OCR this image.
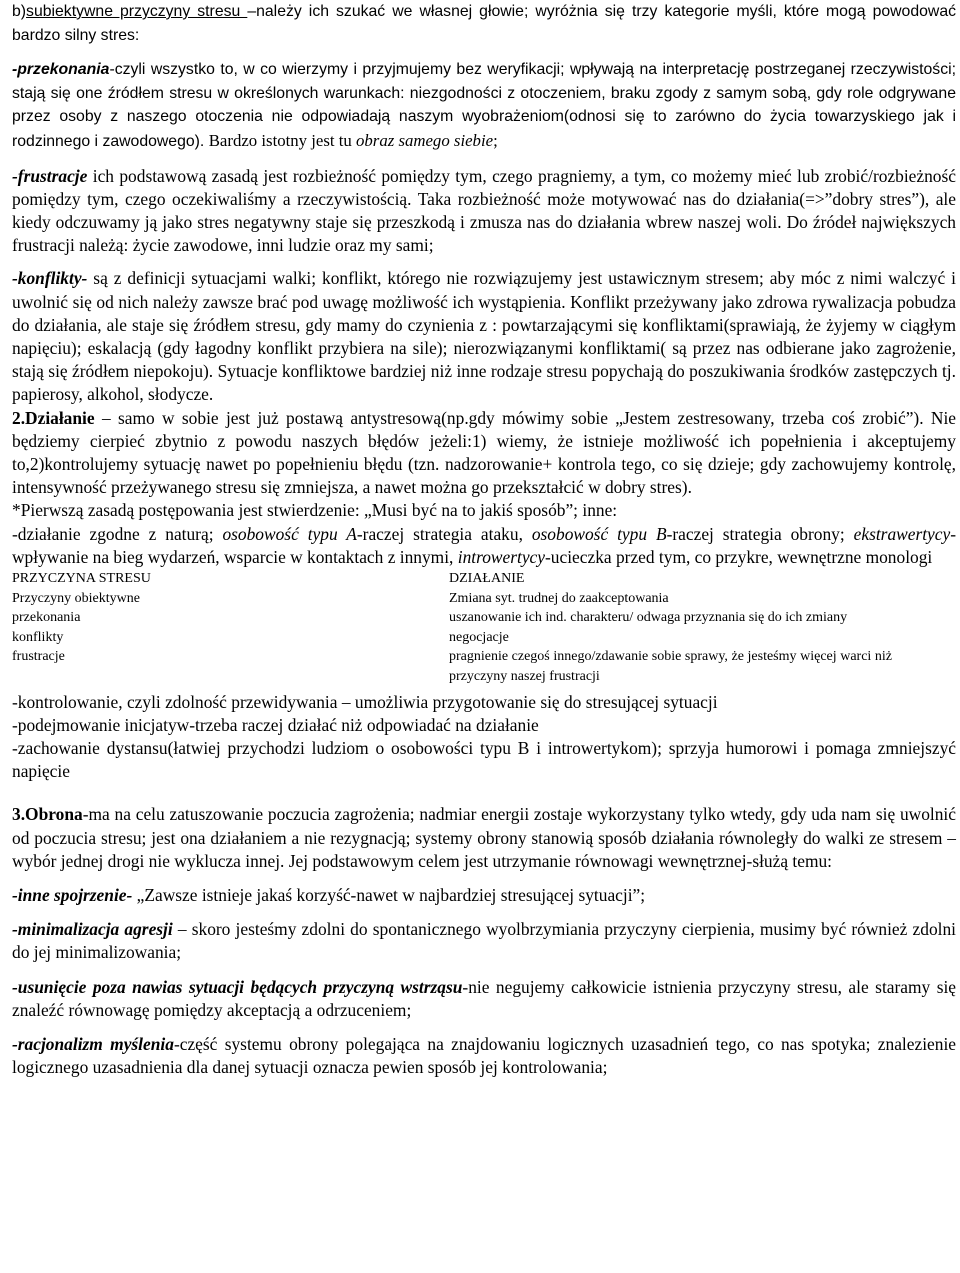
b)subiektywne przyczyny stresu –należy ich szukać we własnej głowie; wyróżnia się trzy kategorie myśli, które mogą powodować bardzo silny stres:

-przekonania-czyli wszystko to, w co wierzymy i przyjmujemy bez weryfikacji; wpływają na interpretację postrzeganej rzeczywistości; stają się one źródłem stresu w określonych warunkach: niezgodności z otoczeniem, braku zgody z samym sobą, gdy role odgrywane przez osoby z naszego otoczenia nie odpowiadają naszym wyobrażeniom(odnosi się to zarówno do życia towarzyskiego jak i rodzinnego i zawodowego). Bardzo istotny jest tu obraz samego siebie;

-frustracje ich podstawową zasadą jest rozbieżność pomiędzy tym, czego pragniemy, a tym, co możemy mieć lub zrobić/rozbieżność pomiędzy tym, czego oczekiwaliśmy a rzeczywistością. Taka rozbieżność może motywować nas do działania(=>”dobry stres”), ale kiedy odczuwamy ją jako stres negatywny staje się przeszkodą i zmusza nas do działania wbrew naszej woli. Do źródeł największych frustracji należą: życie zawodowe, inni ludzie oraz my sami;

-konflikty- są z definicji sytuacjami walki; konflikt, którego nie rozwiązujemy jest ustawicznym stresem; aby móc z nimi walczyć i uwolnić się od nich należy zawsze brać pod uwagę możliwość ich wystąpienia. Konflikt przeżywany jako zdrowa rywalizacja pobudza do działania, ale staje się źródłem stresu, gdy mamy do czynienia z : powtarzającymi się konfliktami(sprawiają, że żyjemy w ciągłym napięciu); eskalacją (gdy łagodny konflikt przybiera na sile); nierozwiązanymi konfliktami( są przez nas odbierane jako zagrożenie, stają się źródłem niepokoju). Sytuacje konfliktowe bardziej niż inne rodzaje stresu popychają do poszukiwania środków zastępczych tj. papierosy, alkohol, słodycze.

2.Działanie – samo w sobie jest już postawą antystresową(np.gdy mówimy sobie „Jestem zestresowany, trzeba coś zrobić”). Nie będziemy cierpieć zbytnio z powodu naszych błędów jeżeli:1) wiemy, że istnieje możliwość ich popełnienia i akceptujemy to,2)kontrolujemy sytuację nawet po popełnieniu błędu (tzn. nadzorowanie+ kontrola tego, co się dzieje; gdy zachowujemy kontrolę, intensywność przeżywanego stresu się zmniejsza, a nawet można go przekształcić w dobry stres).

*Pierwszą zasadą postępowania jest stwierdzenie: „Musi być na to jakiś sposób”; inne:

-działanie zgodne z naturą; osobowość typu A-raczej strategia ataku, osobowość typu B-raczej strategia obrony; ekstrawertycy-wpływanie na bieg wydarzeń, wsparcie w kontaktach z innymi, introwertycy-ucieczka przed tym, co przykre, wewnętrzne monologi

PRZYCZYNA STRESU	DZIAŁANIE
Przyczyny obiektywne	Zmiana syt. trudnej do zaakceptowania
przekonania	uszanowanie ich ind. charakteru/ odwaga przyznania się do ich zmiany
konflikty	negocjacje
frustracje	pragnienie czegoś innego/zdawanie sobie sprawy, że jesteśmy więcej warci niż przyczyny naszej frustracji

-kontrolowanie, czyli zdolność przewidywania – umożliwia przygotowanie się do stresującej sytuacji

-podejmowanie inicjatyw-trzeba raczej działać niż odpowiadać na działanie

-zachowanie dystansu(łatwiej przychodzi ludziom o osobowości typu B i introwertykom); sprzyja humorowi i pomaga zmniejszyć napięcie

3.Obrona-ma na celu zatuszowanie poczucia zagrożenia; nadmiar energii zostaje wykorzystany tylko wtedy, gdy uda nam się uwolnić od poczucia stresu; jest ona działaniem a nie rezygnacją; systemy obrony stanowią sposób działania równoległy do walki ze stresem – wybór jednej drogi nie wyklucza innej. Jej podstawowym celem jest utrzymanie równowagi wewnętrznej-służą temu:

-inne spojrzenie- „Zawsze istnieje jakaś korzyść-nawet w najbardziej stresującej sytuacji”;

-minimalizacja agresji – skoro jesteśmy zdolni do spontanicznego wyolbrzymiania przyczyny cierpienia, musimy być również zdolni do jej minimalizowania;

-usunięcie poza nawias sytuacji będących przyczyną wstrząsu-nie negujemy całkowicie istnienia przyczyny stresu, ale staramy się znaleźć równowagę pomiędzy akceptacją a odrzuceniem;

-racjonalizm myślenia-część systemu obrony polegająca na znajdowaniu logicznych uzasadnień tego, co nas spotyka; znalezienie logicznego uzasadnienia dla danej sytuacji oznacza pewien sposób jej kontrolowania;
